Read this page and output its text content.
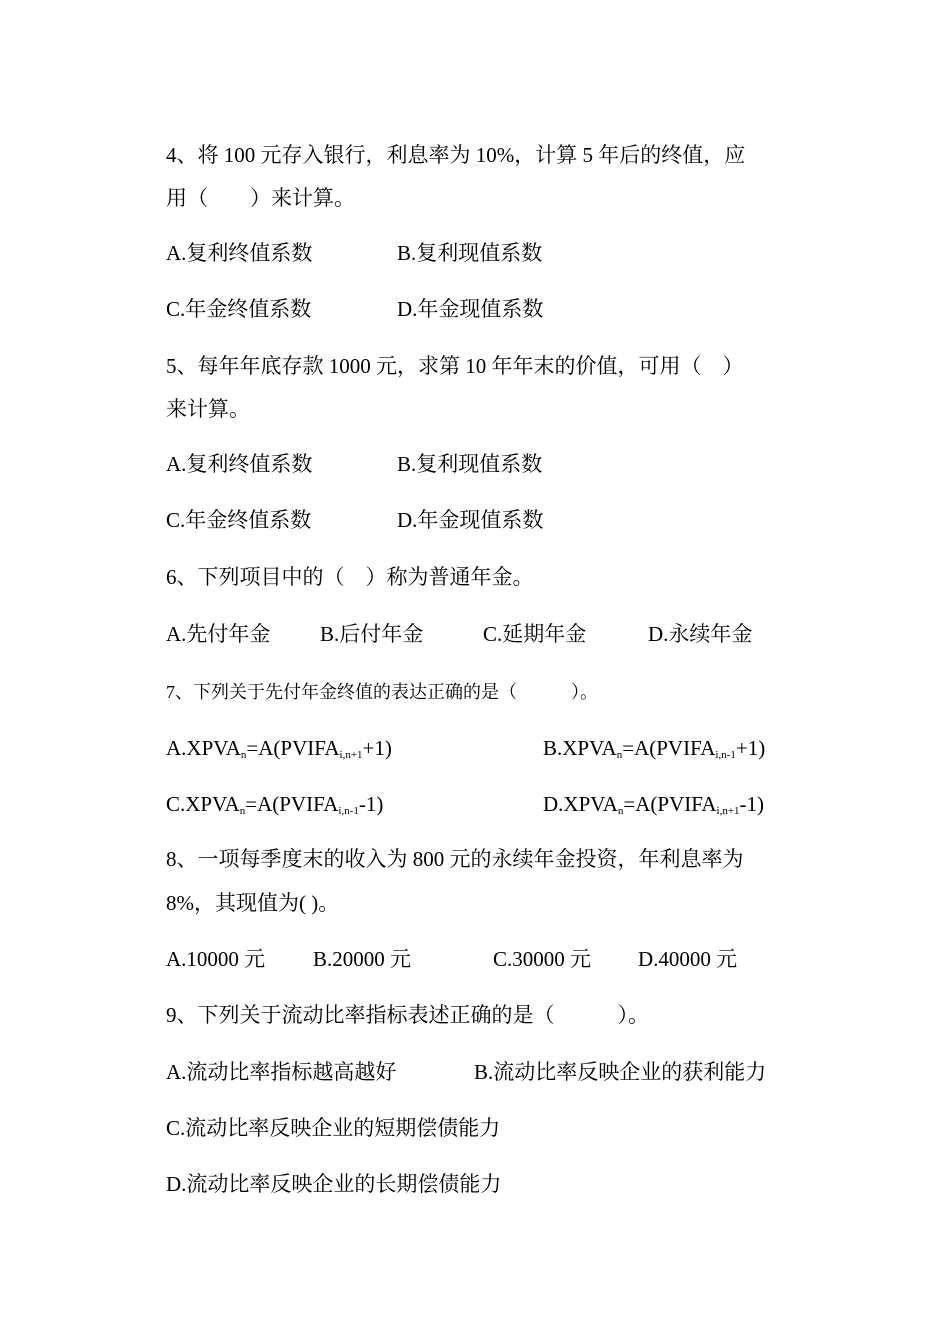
4、将 100 元存入银行，利息率为 10%，计算 5 年后的终值，应
用（　　）来计算。
A.复利终值系数	B.复利现值系数
C.年金终值系数	D.年金现值系数
5、每年年底存款 1000 元，求第 10 年年末的价值，可用（　）
来计算。
A.复利终值系数	B.复利现值系数
C.年金终值系数	D.年金现值系数
6、下列项目中的（　）称为普通年金。
A.先付年金 B.后付年金	C.延期年金	D.永续年金
7、下列关于先付年金终值的表达正确的是（　　　）。
$A.XPVA_n=A(PVIFA_{i,n+1}+1)$	$B.XPVA_n=A(PVIFA_{i,n-1}+1)$
$C.XPVA_n=A(PVIFA_{i,n-1}-1)$	$D.XPVA_n=A(PVIFA_{i,n+1}-1)$
8、一项每季度末的收入为 800 元的永续年金投资，年利息率为
8%，其现值为( )。
A.10000 元 B.20000 元	C.30000 元 D.40000 元
9、下列关于流动比率指标表述正确的是（　　　）。
A.流动比率指标越高越好	B.流动比率反映企业的获利能力
C.流动比率反映企业的短期偿债能力
D.流动比率反映企业的长期偿债能力
